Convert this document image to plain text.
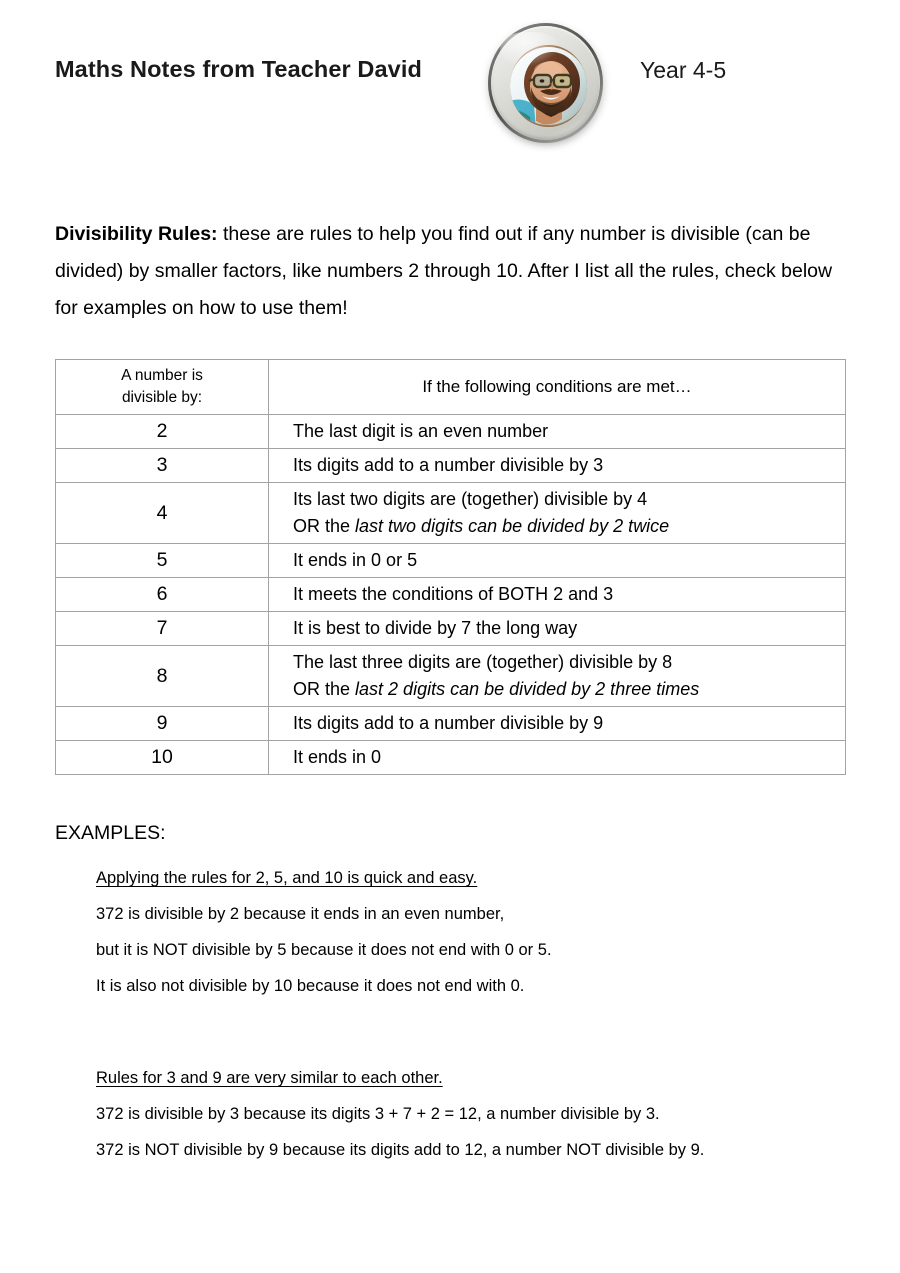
Maths Notes from Teacher David	Year 4-5

Divisibility Rules: these are rules to help you find out if any number is divisible (can be divided) by smaller factors, like numbers 2 through 10. After I list all the rules, check below for examples on how to use them!

A number is
divisible by:	If the following conditions are met…
2	The last digit is an even number

3	Its digits add to a number divisible by 3

4	Its last two digits are (together) divisible by 4
OR the last two digits can be divided by 2 twice

5	It ends in 0 or 5

6	It meets the conditions of BOTH 2 and 3

7	It is best to divide by 7 the long way

8	The last three digits are (together) divisible by 8
OR the last 2 digits can be divided by 2 three times

9	Its digits add to a number divisible by 9

10	It ends in 0
EXAMPLES:
Applying the rules for 2, 5, and 10 is quick and easy.
372 is divisible by 2 because it ends in an even number,
but it is NOT divisible by 5 because it does not end with 0 or 5.
It is also not divisible by 10 because it does not end with 0.
Rules for 3 and 9 are very similar to each other.
372 is divisible by 3 because its digits 3 + 7 + 2 = 12, a number divisible by 3.
372 is NOT divisible by 9 because its digits add to 12, a number NOT divisible by 9.
